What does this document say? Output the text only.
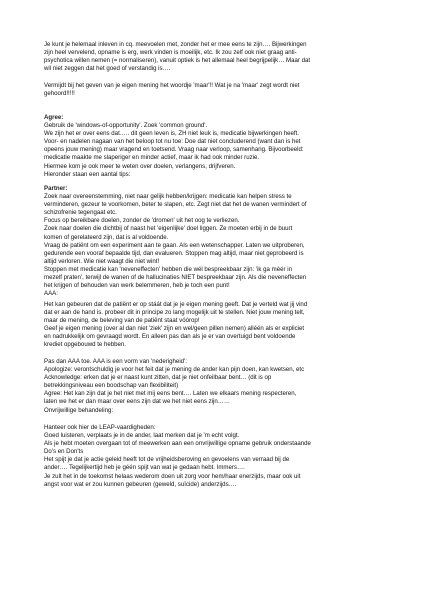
Je kunt je helemaal inleven in cq. meevoelen met, zonder het er mee eens te zijn…. Bijwerkingen
zijn heel vervelend, opname is erg, werk vinden is moeilijk, etc. Ik zou zelf ook niet graag anti-
psychotica willen nemen (= normaliseren), vanuit optiek is het allemaal heel begrijpelijk… Maar dat
wil niet zeggen dat het goed of verstandig is….
Vermijdt bij het geven van je eigen mening het woordje 'maar'!! Wat je na 'maar' zegt wordt niet
gehoord!!!!!
Agree:
Gebruik de 'windows-of-opportunity'. Zoek 'common ground'.
We zijn het er over eens dat….. dit geen leven is, ZH niet leuk is, medicatie bijwerkingen heeft.
Voor- en nadelen nagaan van het beloop tot nu toe: Doe dat niet concluderend (want dan is het
opeens jouw mening) maar vragend en toetsend. Vraag naar verloop, samenhang. Bijvoorbeeld:
medicatie maakte me slaperiger en minder actief, maar ik had ook minder ruzie.
Hiermee kom je ook meer te weten over doelen, verlangens, drijfveren.
Hieronder staan een aantal tips:
Partner:
Zoek naar overeenstemming, niet naar gelijk hebben/krijgen: medicatie kan helpen stress te
verminderen, gezeur te voorkomen, beter te slapen, etc. Zegt niet dat het de wanen vermindert of
schizofrenie tegengaat etc.
Focus op bereikbare doelen, zonder de 'dromen' uit het oog te verliezen.
Zoek naar doelen die dichtbij of naast het 'eigenlijke' doel liggen. Ze moeten erbij in de buurt
komen of gerelateerd zijn, dat is al voldoende.
Vraag de patiënt om een experiment aan te gaan. Als een wetenschapper. Laten we uitproberen,
gedurende een vooraf bepaalde tijd, dan evalueren. Stoppen mag altijd, maar niet geprobeerd is
altijd verloren. Wie niet waagt die niet wint!
Stoppen met medicatie kan 'neveneffecten' hebben die wél bespreekbaar zijn: 'ik ga méér in
mezelf praten', terwijl de wanen of de hallucinaties NIET bespreekbaar zijn. Als die neveneffecten
het krijgen of behouden van werk belemmeren, heb je toch een punt!
AAA:
Het kan gebeuren dat de patiënt er op stáát dat je je eigen mening geeft. Dat je verteld wat jij vind
dat er aan de hand is. probeer dit in principe zo lang mogelijk uit te stellen. Niet jouw mening telt,
maar de mening, de beleving van de patiënt staat vóórop!
Geef je eigen mening (over al dan niet 'ziek' zijn en wel/geen pillen nemen) alléén als er expliciet
en nadrukkelijk om gevraagd wordt. En alleen pas dan als je er van overtuigd bent voldoende
krediet opgebouwd te hebben.
Pas dan AAA toe. AAA is een vorm van 'nederigheid':
Apologize: verontschuldig je voor het feit dat je mening de ander kan pijn doen, kan kwetsen, etc
Acknowledge: erken dat je er naast kunt zitten, dat je niet onfeilbaar bent… (dit is op
betrekkingsniveau een boodschap van flexibiliteit)
Agree: Het kan zijn dat je het niet met mij eens bent…. Laten we elkaars mening respecteren,
laten we het er dan maar over eens zijn dat we het niet eens zijn……
Onvrijwillige behandeling:
Hanteer ook hier de LEAP-vaardigheden:
Goed luisteren, verplaats je in de ander, laat merken dat je 'm echt volgt.
Als je hebt moeten overgaan tot of meewerken aan een onvrijwillige opname gebruik onderstaande
Do's en Don'ts
Het spijt je dat je actie geleid heeft tot de vrijheidsberoving en gevoelens van verraad bij de
ander…. Tegelijkertijd heb je géén spijt van wat je gedaan hebt. Immers….
Je zult het in de toekomst helaas wederom doen uit zorg voor hem/haar enerzijds, maar ook uit
angst voor wat er zou kunnen gebeuren (geweld, suïcide) anderzijds….
